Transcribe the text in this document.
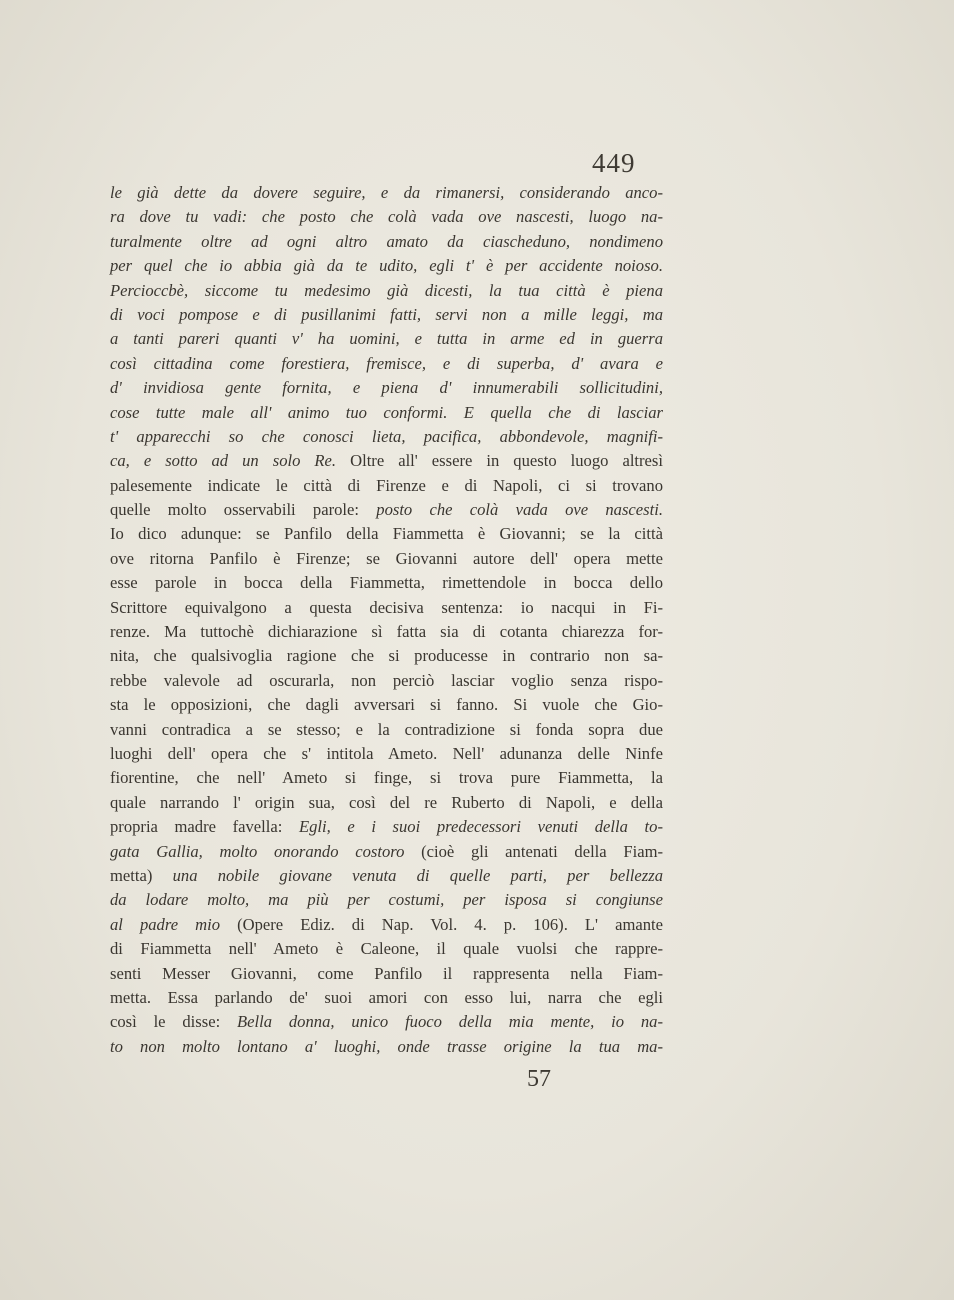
449
le già dette da dovere seguire, e da rimanersi, considerando anco-
ra dove tu vadi: che posto che colà vada ove nascesti, luogo na-
turalmente oltre ad ogni altro amato da ciascheduno, nondimeno
per quel che io abbia già da te udito, egli t' è per accidente noioso.
Percioccbè, siccome tu medesimo già dicesti, la tua città è piena
di voci pompose e di pusillanimi fatti, servi non a mille leggi, ma
a tanti pareri quanti v' ha uomini, e tutta in arme ed in guerra
così cittadina come forestiera, fremisce, e di superba, d' avara e
d' invidiosa gente fornita, e piena d' innumerabili sollicitudini,
cose tutte male all' animo tuo conformi. E quella che di lasciar
t' apparecchi so che conosci lieta, pacifica, abbondevole, magnifi-
ca, e sotto ad un solo Re. Oltre all' essere in questo luogo altresì
palesemente indicate le città di Firenze e di Napoli, ci si trovano
quelle molto osservabili parole: posto che colà vada ove nascesti.
Io dico adunque: se Panfilo della Fiammetta è Giovanni; se la città
ove ritorna Panfilo è Firenze; se Giovanni autore dell' opera mette
esse parole in bocca della Fiammetta, rimettendole in bocca dello
Scrittore equivalgono a questa decisiva sentenza: io nacqui in Fi-
renze. Ma tuttochè dichiarazione sì fatta sia di cotanta chiarezza for-
nita, che qualsivoglia ragione che si producesse in contrario non sa-
rebbe valevole ad oscurarla, non perciò lasciar voglio senza rispo-
sta le opposizioni, che dagli avversari si fanno. Si vuole che Gio-
vanni contradica a se stesso; e la contradizione si fonda sopra due
luoghi dell' opera che s' intitola Ameto. Nell' adunanza delle Ninfe
fiorentine, che nell' Ameto si finge, si trova pure Fiammetta, la
quale narrando l' origin sua, così del re Ruberto di Napoli, e della
propria madre favella: Egli, e i suoi predecessori venuti della to-
gata Gallia, molto onorando costoro (cioè gli antenati della Fiam-
metta) una nobile giovane venuta di quelle parti, per bellezza
da lodare molto, ma più per costumi, per isposa si congiunse
al padre mio (Opere Ediz. di Nap. Vol. 4. p. 106). L' amante
di Fiammetta nell' Ameto è Caleone, il quale vuolsi che rappre-
senti Messer Giovanni, come Panfilo il rappresenta nella Fiam-
metta. Essa parlando de' suoi amori con esso lui, narra che egli
così le disse: Bella donna, unico fuoco della mia mente, io na-
to non molto lontano a' luoghi, onde trasse origine la tua ma-
57
